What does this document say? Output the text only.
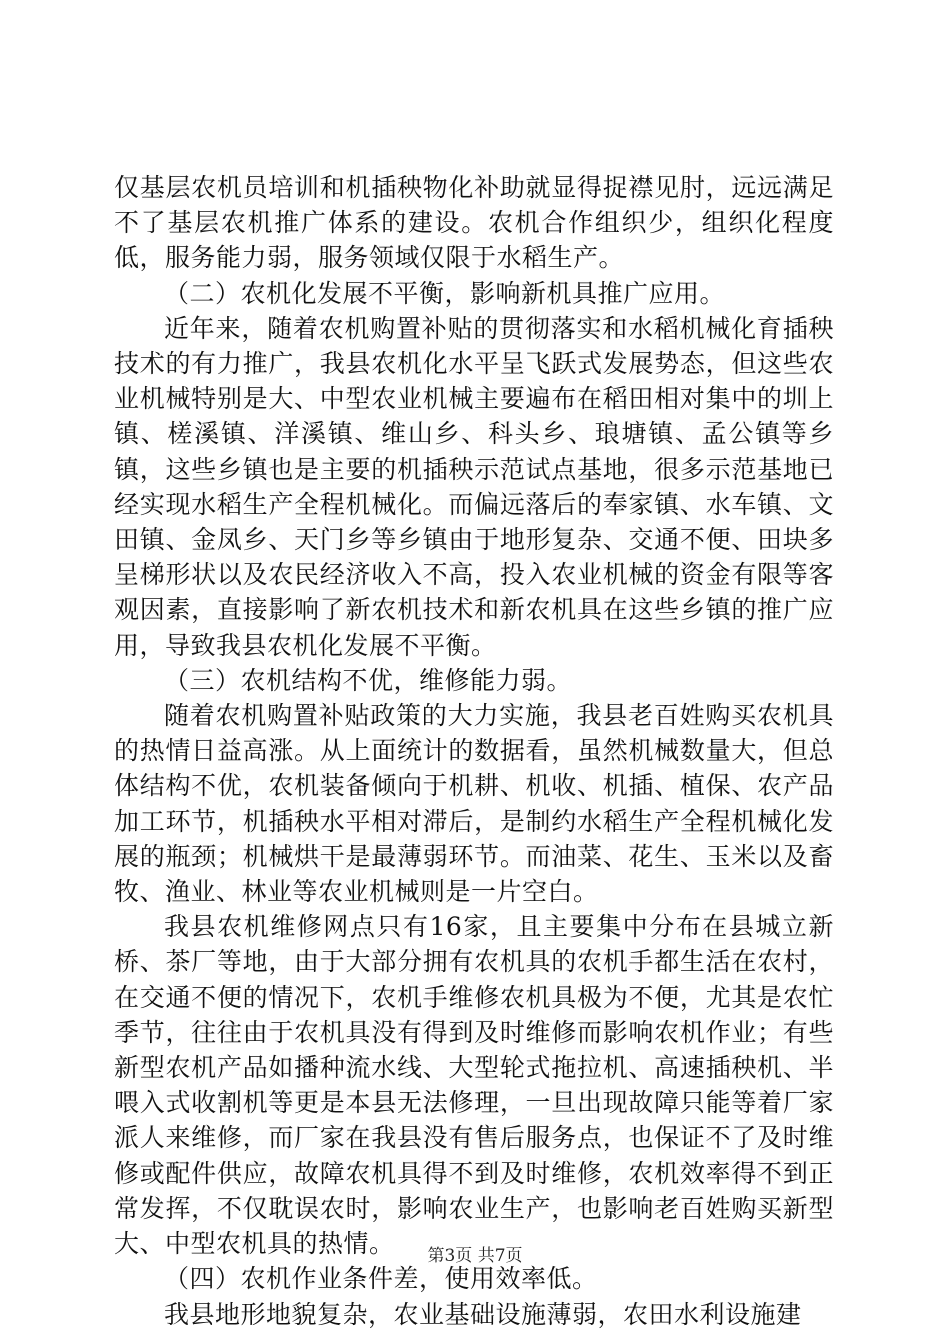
仅基层农机员培训和机插秧物化补助就显得捉襟见肘，远远满足不了基层农机推广体系的建设。农机合作组织少，组织化程度低，服务能力弱，服务领域仅限于水稻生产。

（二）农机化发展不平衡，影响新机具推广应用。

近年来，随着农机购置补贴的贯彻落实和水稻机械化育插秧技术的有力推广，我县农机化水平呈飞跃式发展势态，但这些农业机械特别是大、中型农业机械主要遍布在稻田相对集中的圳上镇、槎溪镇、洋溪镇、维山乡、科头乡、琅塘镇、孟公镇等乡镇，这些乡镇也是主要的机插秧示范试点基地，很多示范基地已经实现水稻生产全程机械化。而偏远落后的奉家镇、水车镇、文田镇、金凤乡、天门乡等乡镇由于地形复杂、交通不便、田块多呈梯形状以及农民经济收入不高，投入农业机械的资金有限等客观因素，直接影响了新农机技术和新农机具在这些乡镇的推广应用，导致我县农机化发展不平衡。

（三）农机结构不优，维修能力弱。

随着农机购置补贴政策的大力实施，我县老百姓购买农机具的热情日益高涨。从上面统计的数据看，虽然机械数量大，但总体结构不优，农机装备倾向于机耕、机收、机插、植保、农产品加工环节，机插秧水平相对滞后，是制约水稻生产全程机械化发展的瓶颈；机械烘干是最薄弱环节。而油菜、花生、玉米以及畜牧、渔业、林业等农业机械则是一片空白。

我县农机维修网点只有16家，且主要集中分布在县城立新桥、茶厂等地，由于大部分拥有农机具的农机手都生活在农村，在交通不便的情况下，农机手维修农机具极为不便，尤其是农忙季节，往往由于农机具没有得到及时维修而影响农机作业；有些新型农机产品如播种流水线、大型轮式拖拉机、高速插秧机、半喂入式收割机等更是本县无法修理，一旦出现故障只能等着厂家派人来维修，而厂家在我县没有售后服务点，也保证不了及时维修或配件供应，故障农机具得不到及时维修，农机效率得不到正常发挥，不仅耽误农时，影响农业生产，也影响老百姓购买新型大、中型农机具的热情。

（四）农机作业条件差，使用效率低。

我县地形地貌复杂，农业基础设施薄弱，农田水利设施建

第3页 共7页
